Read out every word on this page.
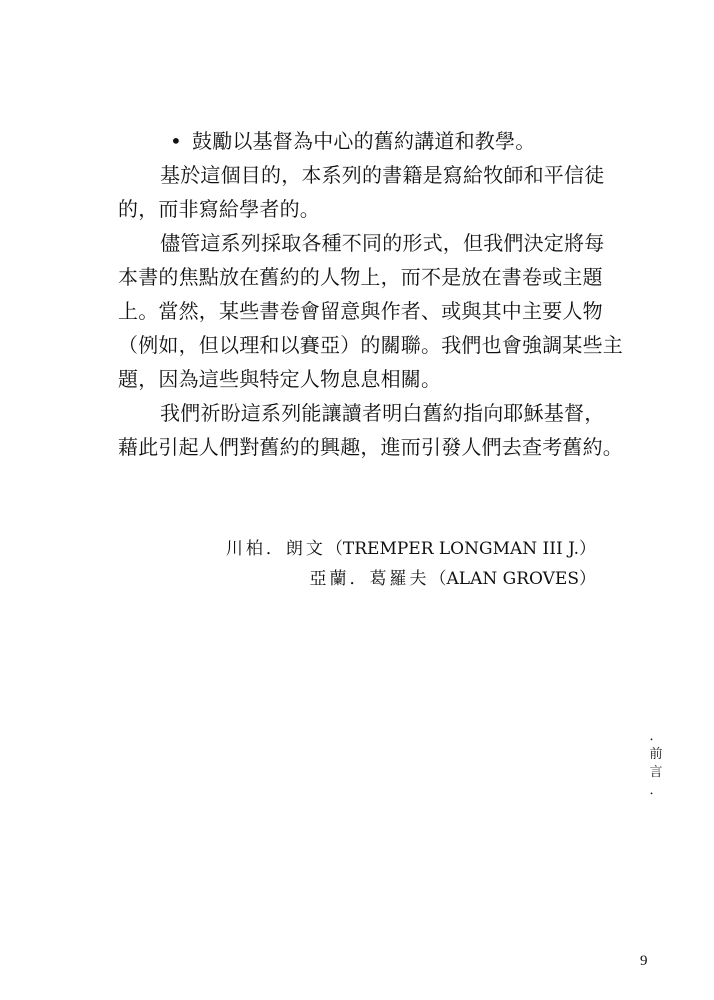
• 鼓勵以基督為中心的舊約講道和教學。

基於這個目的，本系列的書籍是寫給牧師和平信徒
的，而非寫給學者的。

儘管這系列採取各種不同的形式，但我們決定將每
本書的焦點放在舊約的人物上，而不是放在書卷或主題
上。當然，某些書卷會留意與作者、或與其中主要人物
（例如，但以理和以賽亞）的關聯。我們也會強調某些主
題，因為這些與特定人物息息相關。

我們祈盼這系列能讓讀者明白舊約指向耶穌基督，
藉此引起人們對舊約的興趣，進而引發人們去查考舊約。

川柏．朗文（TREMPER LONGMAN III J.）
亞蘭．葛羅夫（ALAN GROVES）
．
前
言
．
9
